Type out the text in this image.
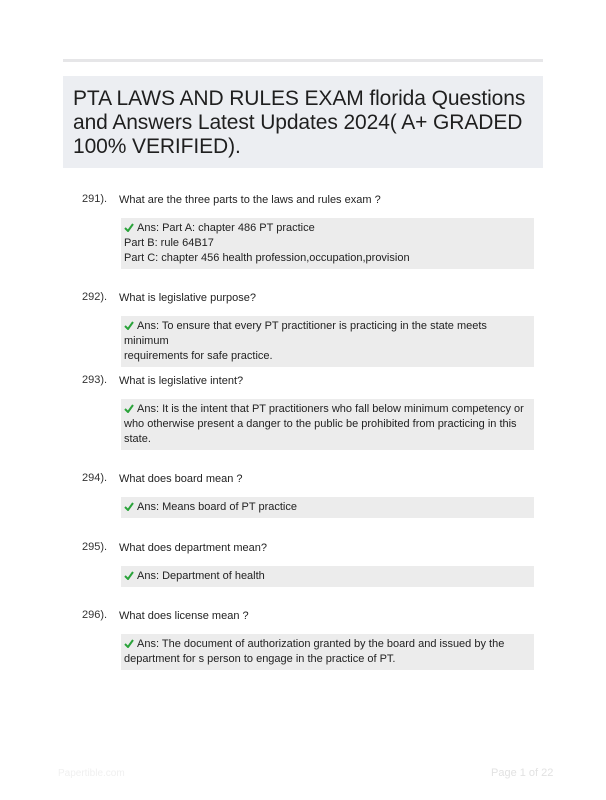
PTA LAWS AND RULES EXAM florida Questions and Answers Latest Updates 2024( A+ GRADED 100% VERIFIED).
291). What are the three parts to the laws and rules exam ?
Ans: Part A: chapter 486 PT practice
Part B: rule 64B17
Part C: chapter 456 health profession,occupation,provision
292). What is legislative purpose?
Ans: To ensure that every PT practitioner is practicing in the state meets minimum
requirements for safe practice.
293). What is legislative intent?
Ans: It is the intent that PT practitioners who fall below minimum competency or
who otherwise present a danger to the public be prohibited from practicing in this
state.
294). What does board mean ?
Ans: Means board of PT practice
295). What does department mean?
Ans: Department of health
296). What does license mean ?
Ans: The document of authorization granted by the board and issued by the
department for s person to engage in the practice of PT.
Papertible.com	Page 1 of 22
